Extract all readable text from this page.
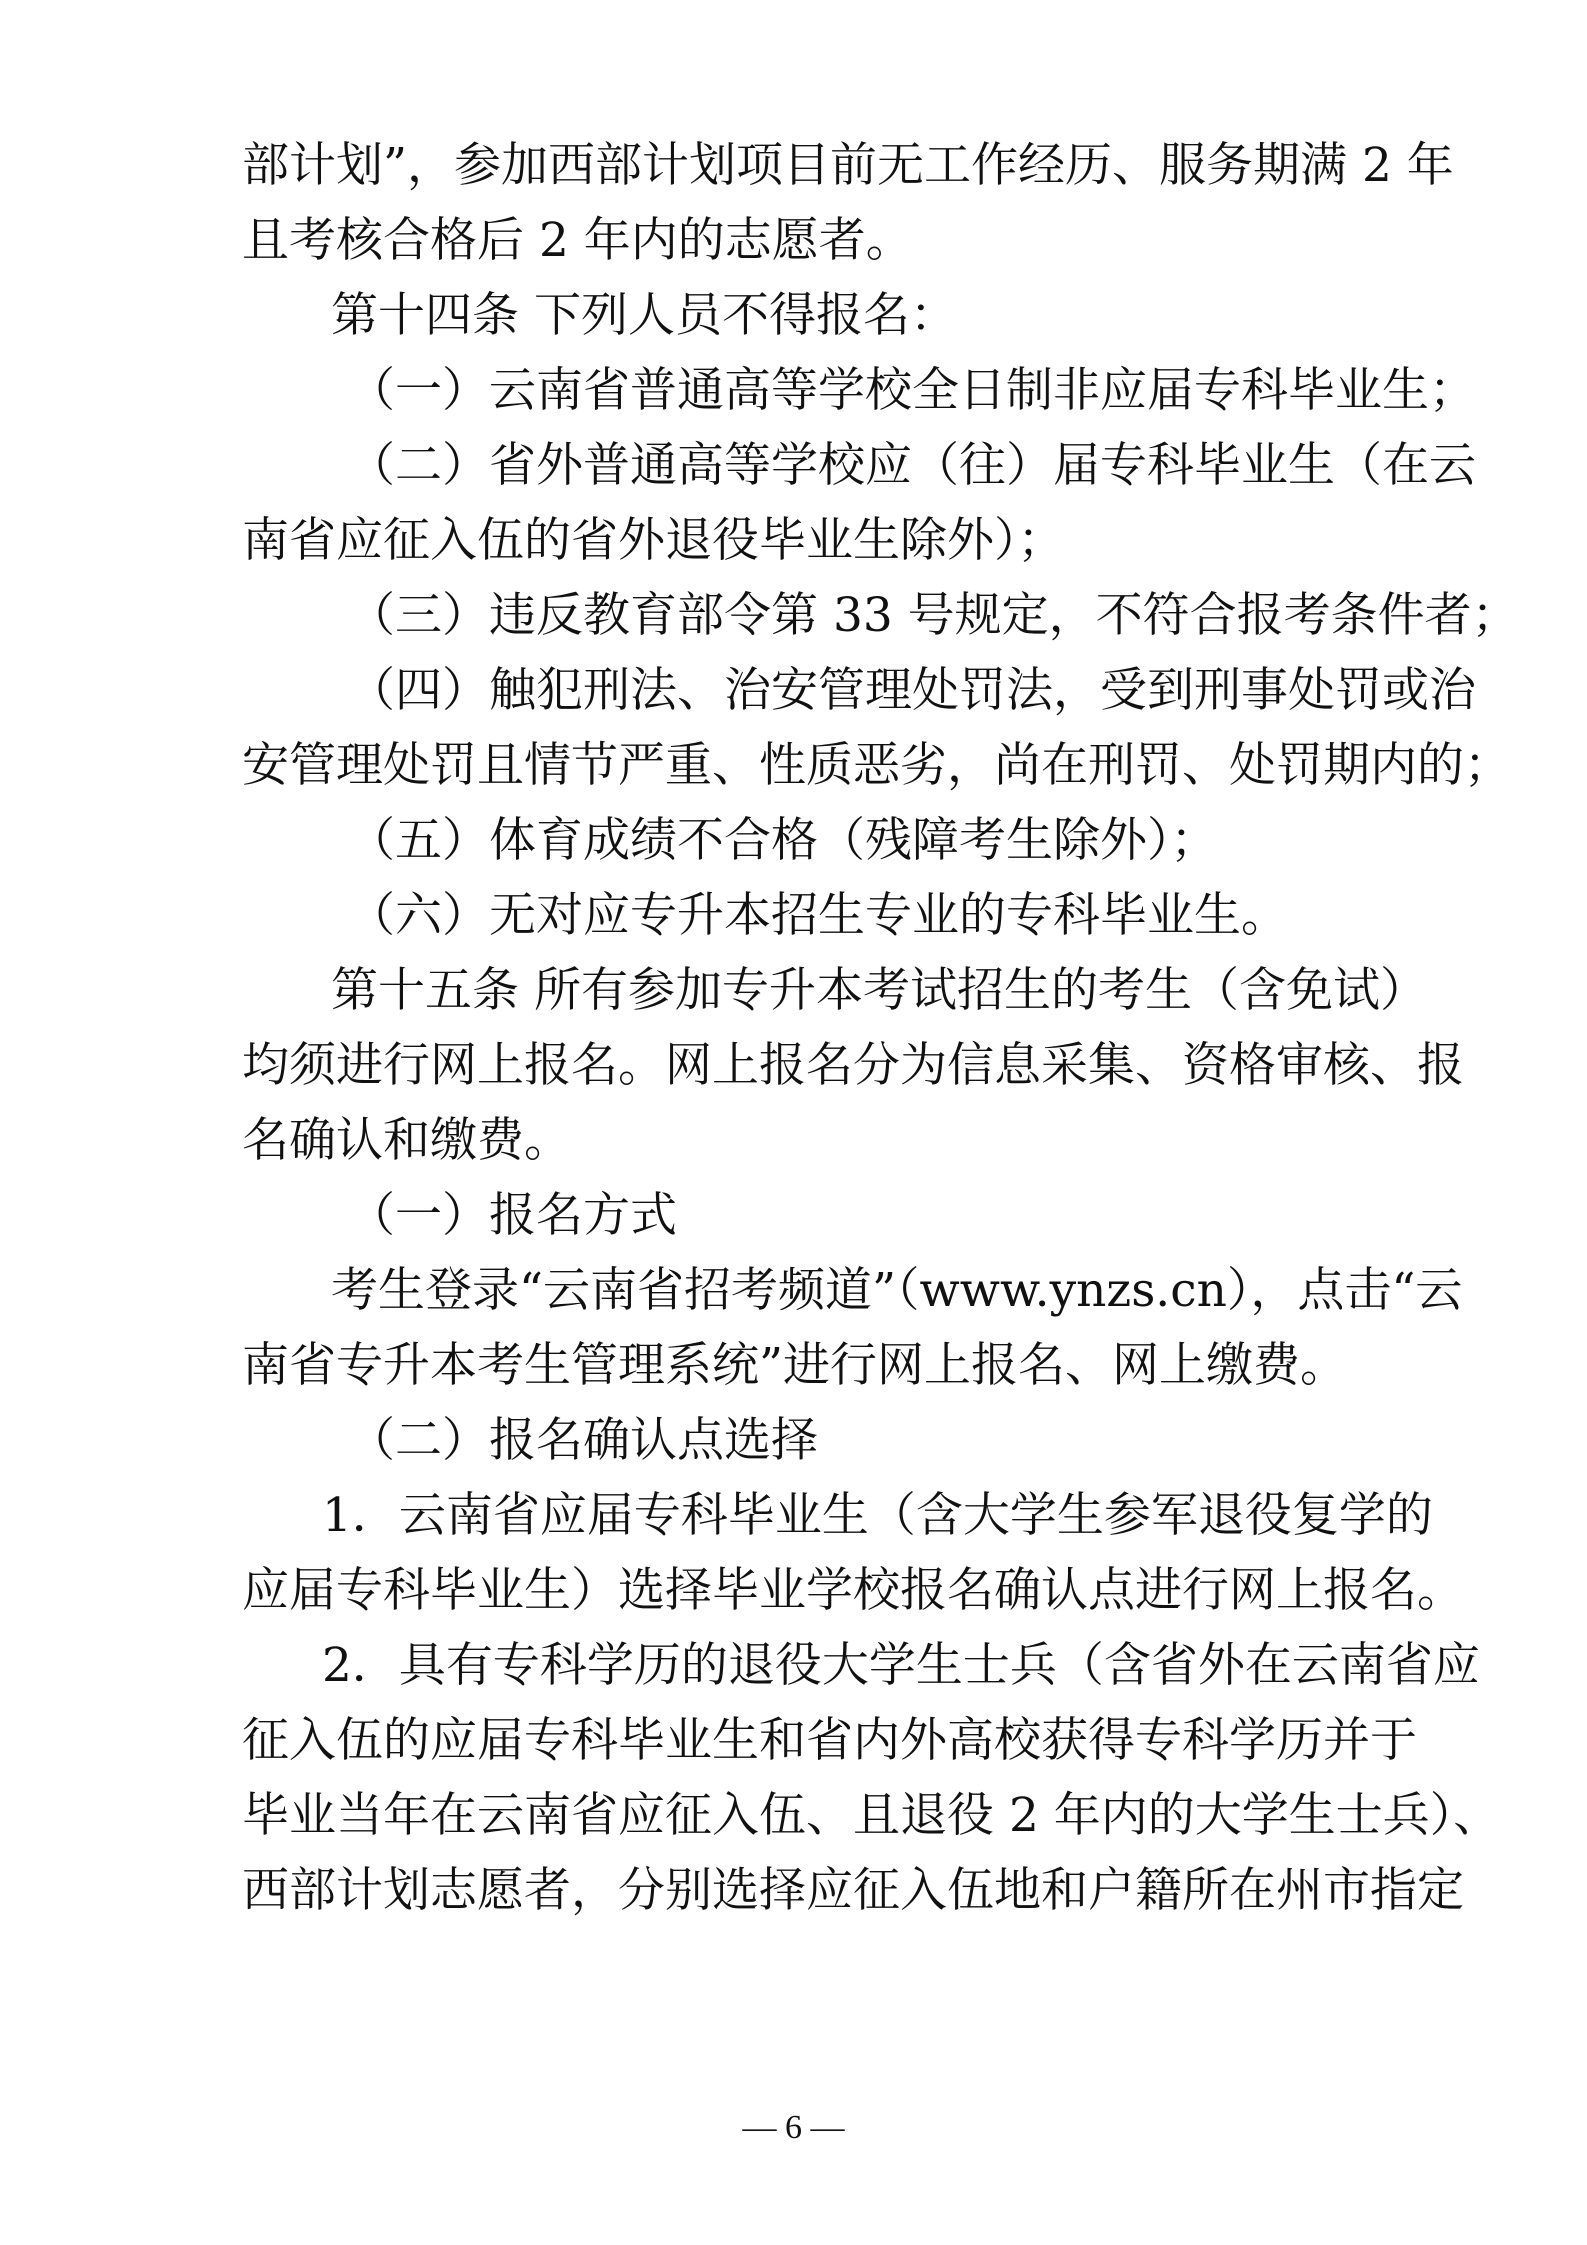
部计划”，参加西部计划项目前无工作经历、服务期满 2 年
且考核合格后 2 年内的志愿者。
第十四条 下列人员不得报名：
（一）云南省普通高等学校全日制非应届专科毕业生；
（二）省外普通高等学校应（往）届专科毕业生（在云
南省应征入伍的省外退役毕业生除外）；
（三）违反教育部令第 33 号规定，不符合报考条件者；
（四）触犯刑法、治安管理处罚法，受到刑事处罚或治
安管理处罚且情节严重、性质恶劣，尚在刑罚、处罚期内的；
（五）体育成绩不合格（残障考生除外）；
（六）无对应专升本招生专业的专科毕业生。
第十五条 所有参加专升本考试招生的考生（含免试）
均须进行网上报名。网上报名分为信息采集、资格审核、报
名确认和缴费。
（一）报名方式
考生登录“云南省招考频道”（www.ynzs.cn），点击“云
南省专升本考生管理系统”进行网上报名、网上缴费。
（二）报名确认点选择
1．云南省应届专科毕业生（含大学生参军退役复学的
应届专科毕业生）选择毕业学校报名确认点进行网上报名。
2．具有专科学历的退役大学生士兵（含省外在云南省应
征入伍的应届专科毕业生和省内外高校获得专科学历并于
毕业当年在云南省应征入伍、且退役 2 年内的大学生士兵）、
西部计划志愿者，分别选择应征入伍地和户籍所在州市指定
— 6 —
